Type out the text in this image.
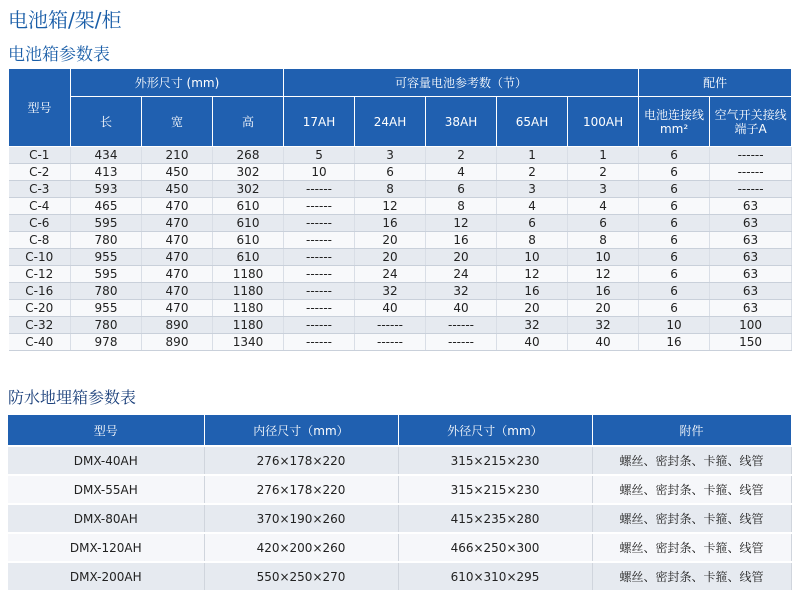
电池箱/架/柜
电池箱参数表
型号	外形尺寸 (mm)			可容量电池参考数（节）					配件	
	长	宽	高	17AH	24AH	38AH	65AH	100AH	电池连接线mm²	空气开关接线端子A
C-1	434	210	268	5	3	2	1	1	6	------
C-2	413	450	302	10	6	4	2	2	6	------
C-3	593	450	302	------	8	6	3	3	6	------
C-4	465	470	610	------	12	8	4	4	6	63
C-6	595	470	610	------	16	12	6	6	6	63
C-8	780	470	610	------	20	16	8	8	6	63
C-10	955	470	610	------	20	20	10	10	6	63
C-12	595	470	1180	------	24	24	12	12	6	63
C-16	780	470	1180	------	32	32	16	16	6	63
C-20	955	470	1180	------	40	40	20	20	6	63
C-32	780	890	1180	------	------	------	32	32	10	100
C-40	978	890	1340	------	------	------	40	40	16	150
防水地埋箱参数表
型号	内径尺寸（mm）	外径尺寸（mm）	附件
DMX-40AH	276×178×220	315×215×230	螺丝、密封条、卡箍、线管
DMX-55AH	276×178×220	315×215×230	螺丝、密封条、卡箍、线管
DMX-80AH	370×190×260	415×235×280	螺丝、密封条、卡箍、线管
DMX-120AH	420×200×260	466×250×300	螺丝、密封条、卡箍、线管
DMX-200AH	550×250×270	610×310×295	螺丝、密封条、卡箍、线管
